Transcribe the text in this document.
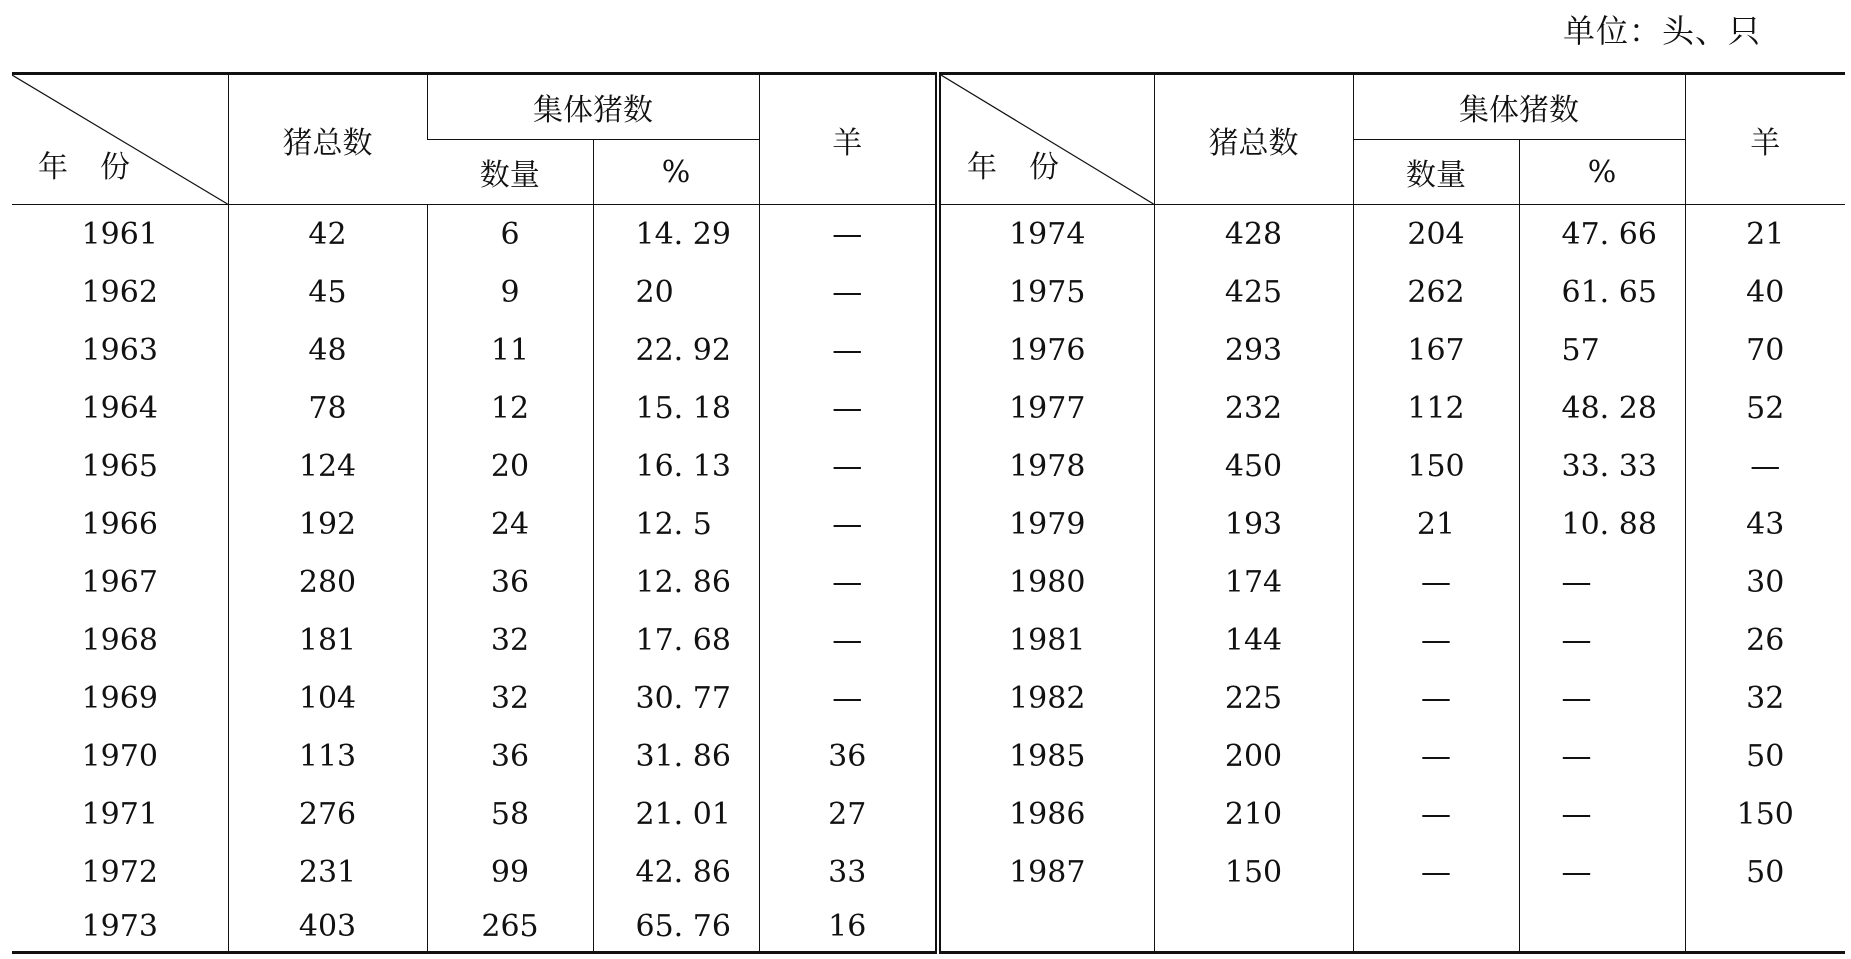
单位：头、只
年 份	猪总数	集体猪数		羊	年 份	猪总数	集体猪数		羊
		数量	%				数量	%	
1961	42	6	14. 29	—	1974	428	204	47. 66	21
1962	45	9	20	—	1975	425	262	61. 65	40
1963	48	11	22. 92	—	1976	293	167	57	70
1964	78	12	15. 18	—	1977	232	112	48. 28	52
1965	124	20	16. 13	—	1978	450	150	33. 33	—
1966	192	24	12. 5	—	1979	193	21	10. 88	43
1967	280	36	12. 86	—	1980	174	—	—	30
1968	181	32	17. 68	—	1981	144	—	—	26
1969	104	32	30. 77	—	1982	225	—	—	32
1970	113	36	31. 86	36	1985	200	—	—	50
1971	276	58	21. 01	27	1986	210	—	—	150
1972	231	99	42. 86	33	1987	150	—	—	50
1973	403	265	65. 76	16					
